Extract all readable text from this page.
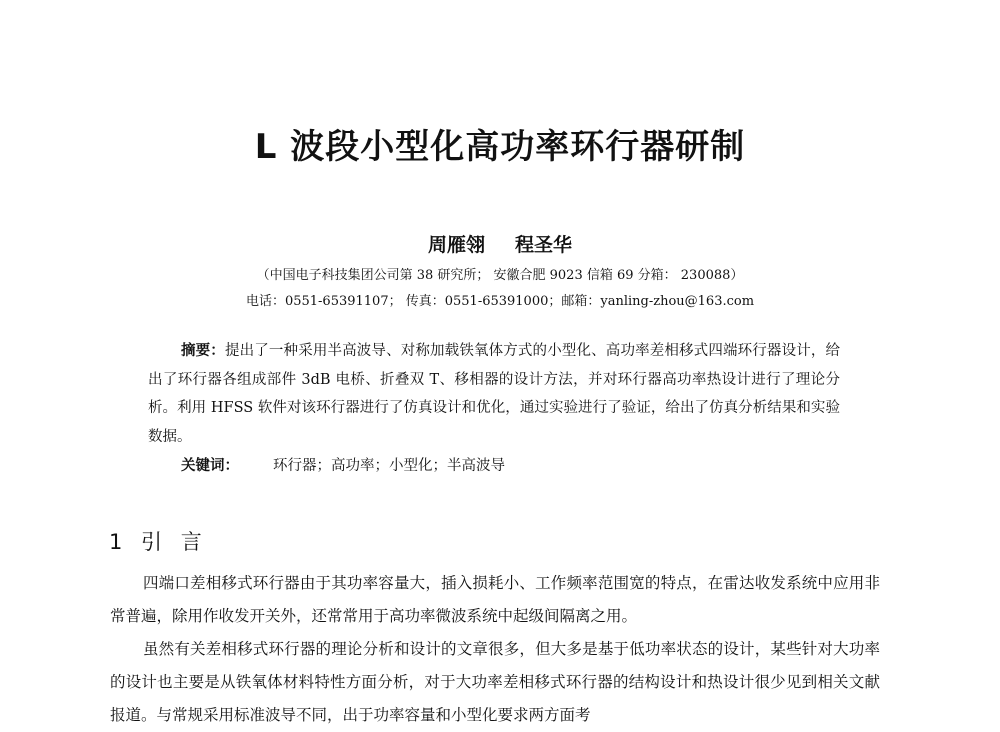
L 波段小型化高功率环行器研制
周雁翎 程圣华
（中国电子科技集团公司第 38 研究所； 安徽合肥 9023 信箱 69 分箱： 230088）
电话：0551-65391107； 传真：0551-65391000；邮箱：yanling-zhou@163.com
摘要：提出了一种采用半高波导、对称加载铁氧体方式的小型化、高功率差相移式四端环行器设计，给出了环行器各组成部件 3dB 电桥、折叠双 T、移相器的设计方法，并对环行器高功率热设计进行了理论分析。利用 HFSS 软件对该环行器进行了仿真设计和优化，通过实验进行了验证，给出了仿真分析结果和实验数据。
关键词： 环行器；高功率；小型化；半高波导
1 引 言

四端口差相移式环行器由于其功率容量大，插入损耗小、工作频率范围宽的特点，在雷达收发系统中应用非常普遍，除用作收发开关外，还常常用于高功率微波系统中起级间隔离之用。

虽然有关差相移式环行器的理论分析和设计的文章很多，但大多是基于低功率状态的设计，某些针对大功率的设计也主要是从铁氧体材料特性方面分析，对于大功率差相移式环行器的结构设计和热设计很少见到相关文献报道。与常规采用标准波导不同，出于功率容量和小型化要求两方面考
